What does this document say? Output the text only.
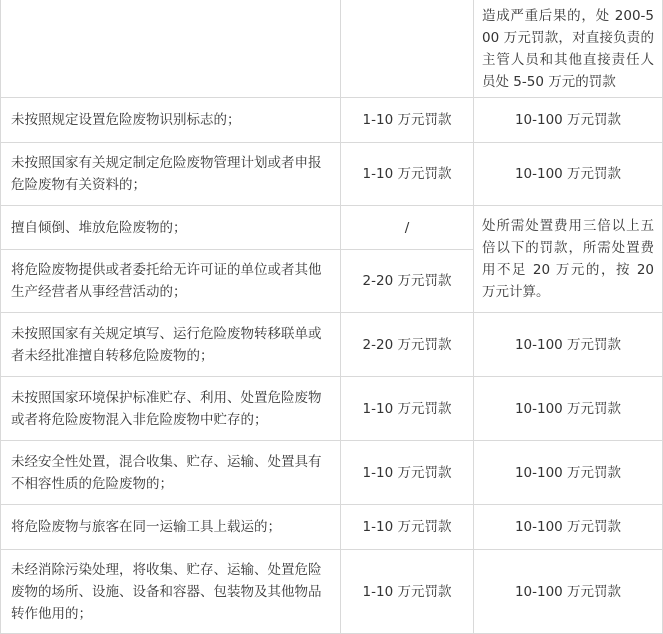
		造成严重后果的，处 200-500 万元罚款，对直接负责的主管人员和其他直接责任人员处 5-50 万元的罚款
未按照规定设置危险废物识别标志的；	1-10 万元罚款	10-100 万元罚款
未按照国家有关规定制定危险废物管理计划或者申报危险废物有关资料的；	1-10 万元罚款	10-100 万元罚款
擅自倾倒、堆放危险废物的；	/	处所需处置费用三倍以上五倍以下的罚款，所需处置费用不足 20 万元的，按 20 万元计算。
将危险废物提供或者委托给无许可证的单位或者其他生产经营者从事经营活动的；	2-20 万元罚款	
未按照国家有关规定填写、运行危险废物转移联单或者未经批准擅自转移危险废物的；	2-20 万元罚款	10-100 万元罚款
未按照国家环境保护标准贮存、利用、处置危险废物或者将危险废物混入非危险废物中贮存的；	1-10 万元罚款	10-100 万元罚款
未经安全性处置，混合收集、贮存、运输、处置具有不相容性质的危险废物的；	1-10 万元罚款	10-100 万元罚款
将危险废物与旅客在同一运输工具上载运的；	1-10 万元罚款	10-100 万元罚款
未经消除污染处理，将收集、贮存、运输、处置危险废物的场所、设施、设备和容器、包装物及其他物品转作他用的；	1-10 万元罚款	10-100 万元罚款
